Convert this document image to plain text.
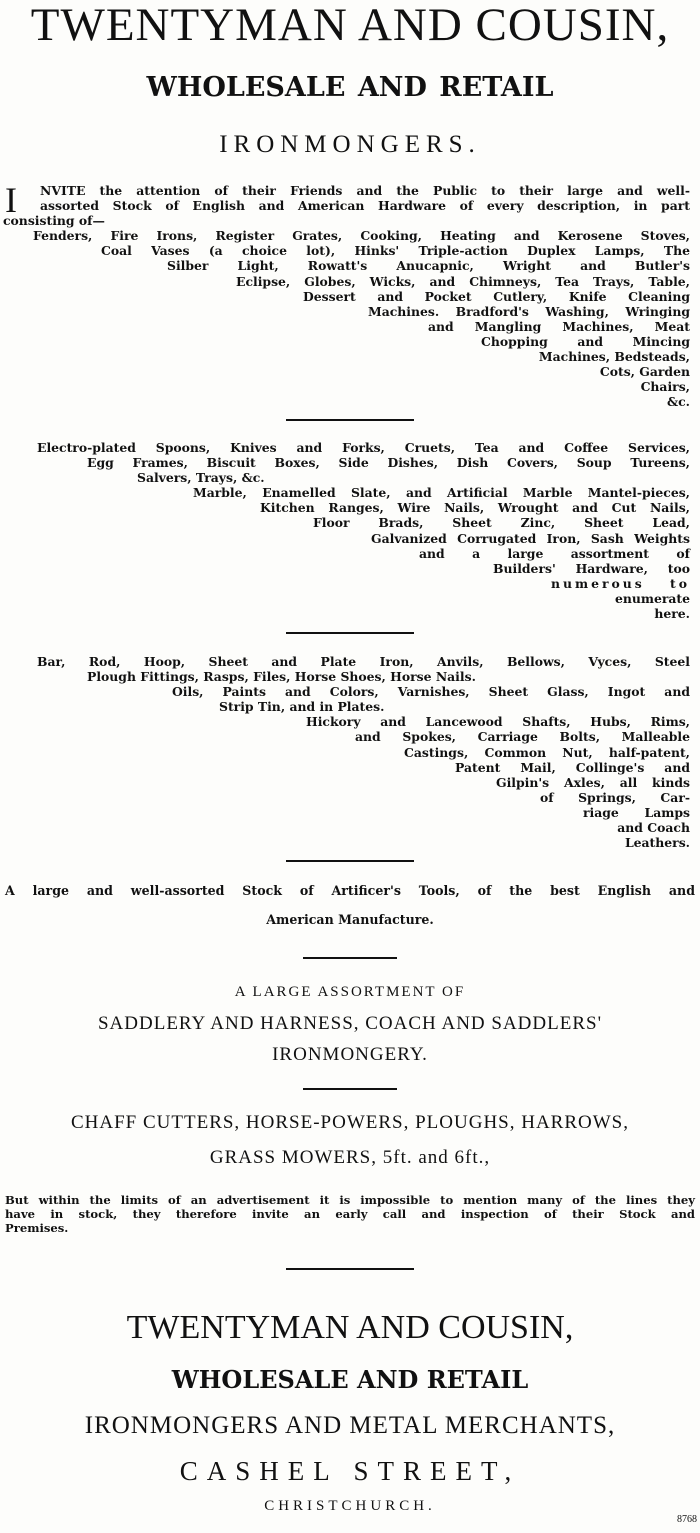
TWENTYMAN AND COUSIN,

WHOLESALE AND RETAIL

IRONMONGERS.

I NVITE the attention of their Friends and the Public to their large and well-
assorted Stock of English and American Hardware of every description, in part
consisting of—
Fenders, Fire Irons, Register Grates, Cooking, Heating and Kerosene Stoves,
Coal Vases (a choice lot), Hinks' Triple-action Duplex Lamps, The
Silber Light, Rowatt's Anucapnic, Wright and Butler's
Eclipse, Globes, Wicks, and Chimneys, Tea Trays, Table,
Dessert and Pocket Cutlery, Knife Cleaning
Machines. Bradford's Washing, Wringing
and Mangling Machines, Meat
Chopping and Mincing
Machines, Bedsteads,
Cots, Garden
Chairs,
&c.
Electro-plated Spoons, Knives and Forks, Cruets, Tea and Coffee Services,
Egg Frames, Biscuit Boxes, Side Dishes, Dish Covers, Soup Tureens,
Salvers, Trays, &c.
Marble, Enamelled Slate, and Artificial Marble Mantel-pieces,
Kitchen Ranges, Wire Nails, Wrought and Cut Nails,
Floor Brads, Sheet Zinc, Sheet Lead,
Galvanized Corrugated Iron, Sash Weights
and a large assortment of
Builders' Hardware, too
numerous to
enumerate
here.
Bar, Rod, Hoop, Sheet and Plate Iron, Anvils, Bellows, Vyces, Steel
Plough Fittings, Rasps, Files, Horse Shoes, Horse Nails.
Oils, Paints and Colors, Varnishes, Sheet Glass, Ingot and
Strip Tin, and in Plates.
Hickory and Lancewood Shafts, Hubs, Rims,
and Spokes, Carriage Bolts, Malleable
Castings, Common Nut, half-patent,
Patent Mail, Collinge's and
Gilpin's Axles, all kinds
of Springs, Car-
riage Lamps
and Coach
Leathers.

A large and well-assorted Stock of Artificer's Tools, of the best English and

American Manufacture.

A LARGE ASSORTMENT OF

SADDLERY AND HARNESS, COACH AND SADDLERS'

IRONMONGERY.

CHAFF CUTTERS, HORSE-POWERS, PLOUGHS, HARROWS,

GRASS MOWERS, 5ft. and 6ft.,

But within the limits of an advertisement it is impossible to mention many of the lines they
have in stock, they therefore invite an early call and inspection of their Stock and
Premises.

TWENTYMAN AND COUSIN,

WHOLESALE AND RETAIL

IRONMONGERS AND METAL MERCHANTS,

CASHEL STREET,

CHRISTCHURCH.

8768
